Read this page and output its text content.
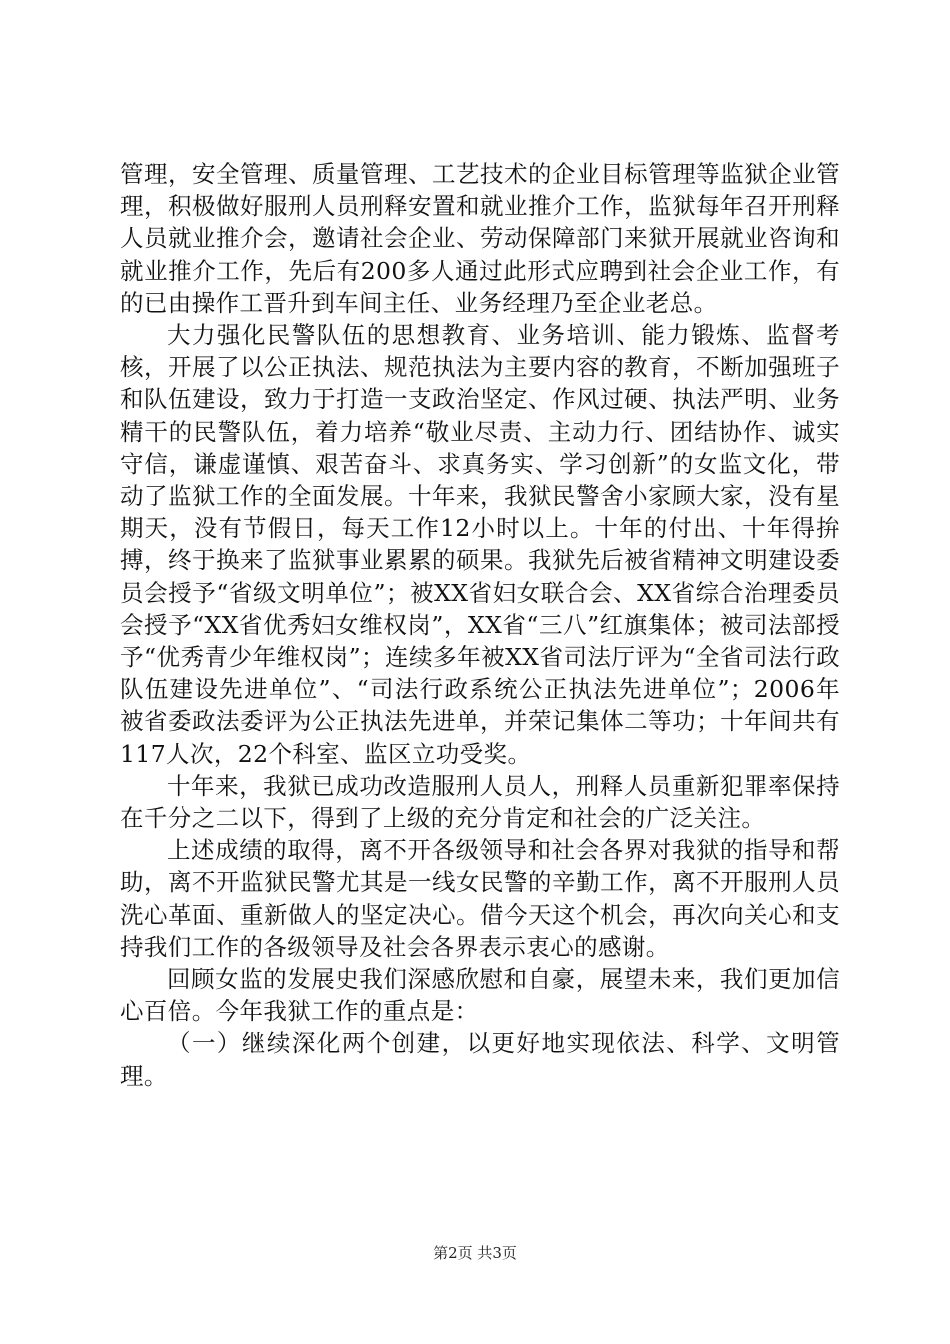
管理，安全管理、质量管理、工艺技术的企业目标管理等监狱企业管理，积极做好服刑人员刑释安置和就业推介工作，监狱每年召开刑释人员就业推介会，邀请社会企业、劳动保障部门来狱开展就业咨询和就业推介工作，先后有200多人通过此形式应聘到社会企业工作，有的已由操作工晋升到车间主任、业务经理乃至企业老总。

大力强化民警队伍的思想教育、业务培训、能力锻炼、监督考核，开展了以公正执法、规范执法为主要内容的教育，不断加强班子和队伍建设，致力于打造一支政治坚定、作风过硬、执法严明、业务精干的民警队伍，着力培养“敬业尽责、主动力行、团结协作、诚实守信，谦虚谨慎、艰苦奋斗、求真务实、学习创新”的女监文化，带动了监狱工作的全面发展。十年来，我狱民警舍小家顾大家，没有星期天，没有节假日，每天工作12小时以上。十年的付出、十年得拚搏，终于换来了监狱事业累累的硕果。我狱先后被省精神文明建设委员会授予“省级文明单位”；被XX省妇女联合会、XX省综合治理委员会授予“XX省优秀妇女维权岗”，XX省“三八”红旗集体；被司法部授予“优秀青少年维权岗”；连续多年被XX省司法厅评为“全省司法行政队伍建设先进单位”、“司法行政系统公正执法先进单位”；2006年被省委政法委评为公正执法先进单，并荣记集体二等功；十年间共有117人次，22个科室、监区立功受奖。

十年来，我狱已成功改造服刑人员人，刑释人员重新犯罪率保持在千分之二以下，得到了上级的充分肯定和社会的广泛关注。

上述成绩的取得，离不开各级领导和社会各界对我狱的指导和帮助，离不开监狱民警尤其是一线女民警的辛勤工作，离不开服刑人员洗心革面、重新做人的坚定决心。借今天这个机会，再次向关心和支持我们工作的各级领导及社会各界表示衷心的感谢。

回顾女监的发展史我们深感欣慰和自豪，展望未来，我们更加信心百倍。今年我狱工作的重点是：

（一）继续深化两个创建，以更好地实现依法、科学、文明管理。

第2页 共3页
